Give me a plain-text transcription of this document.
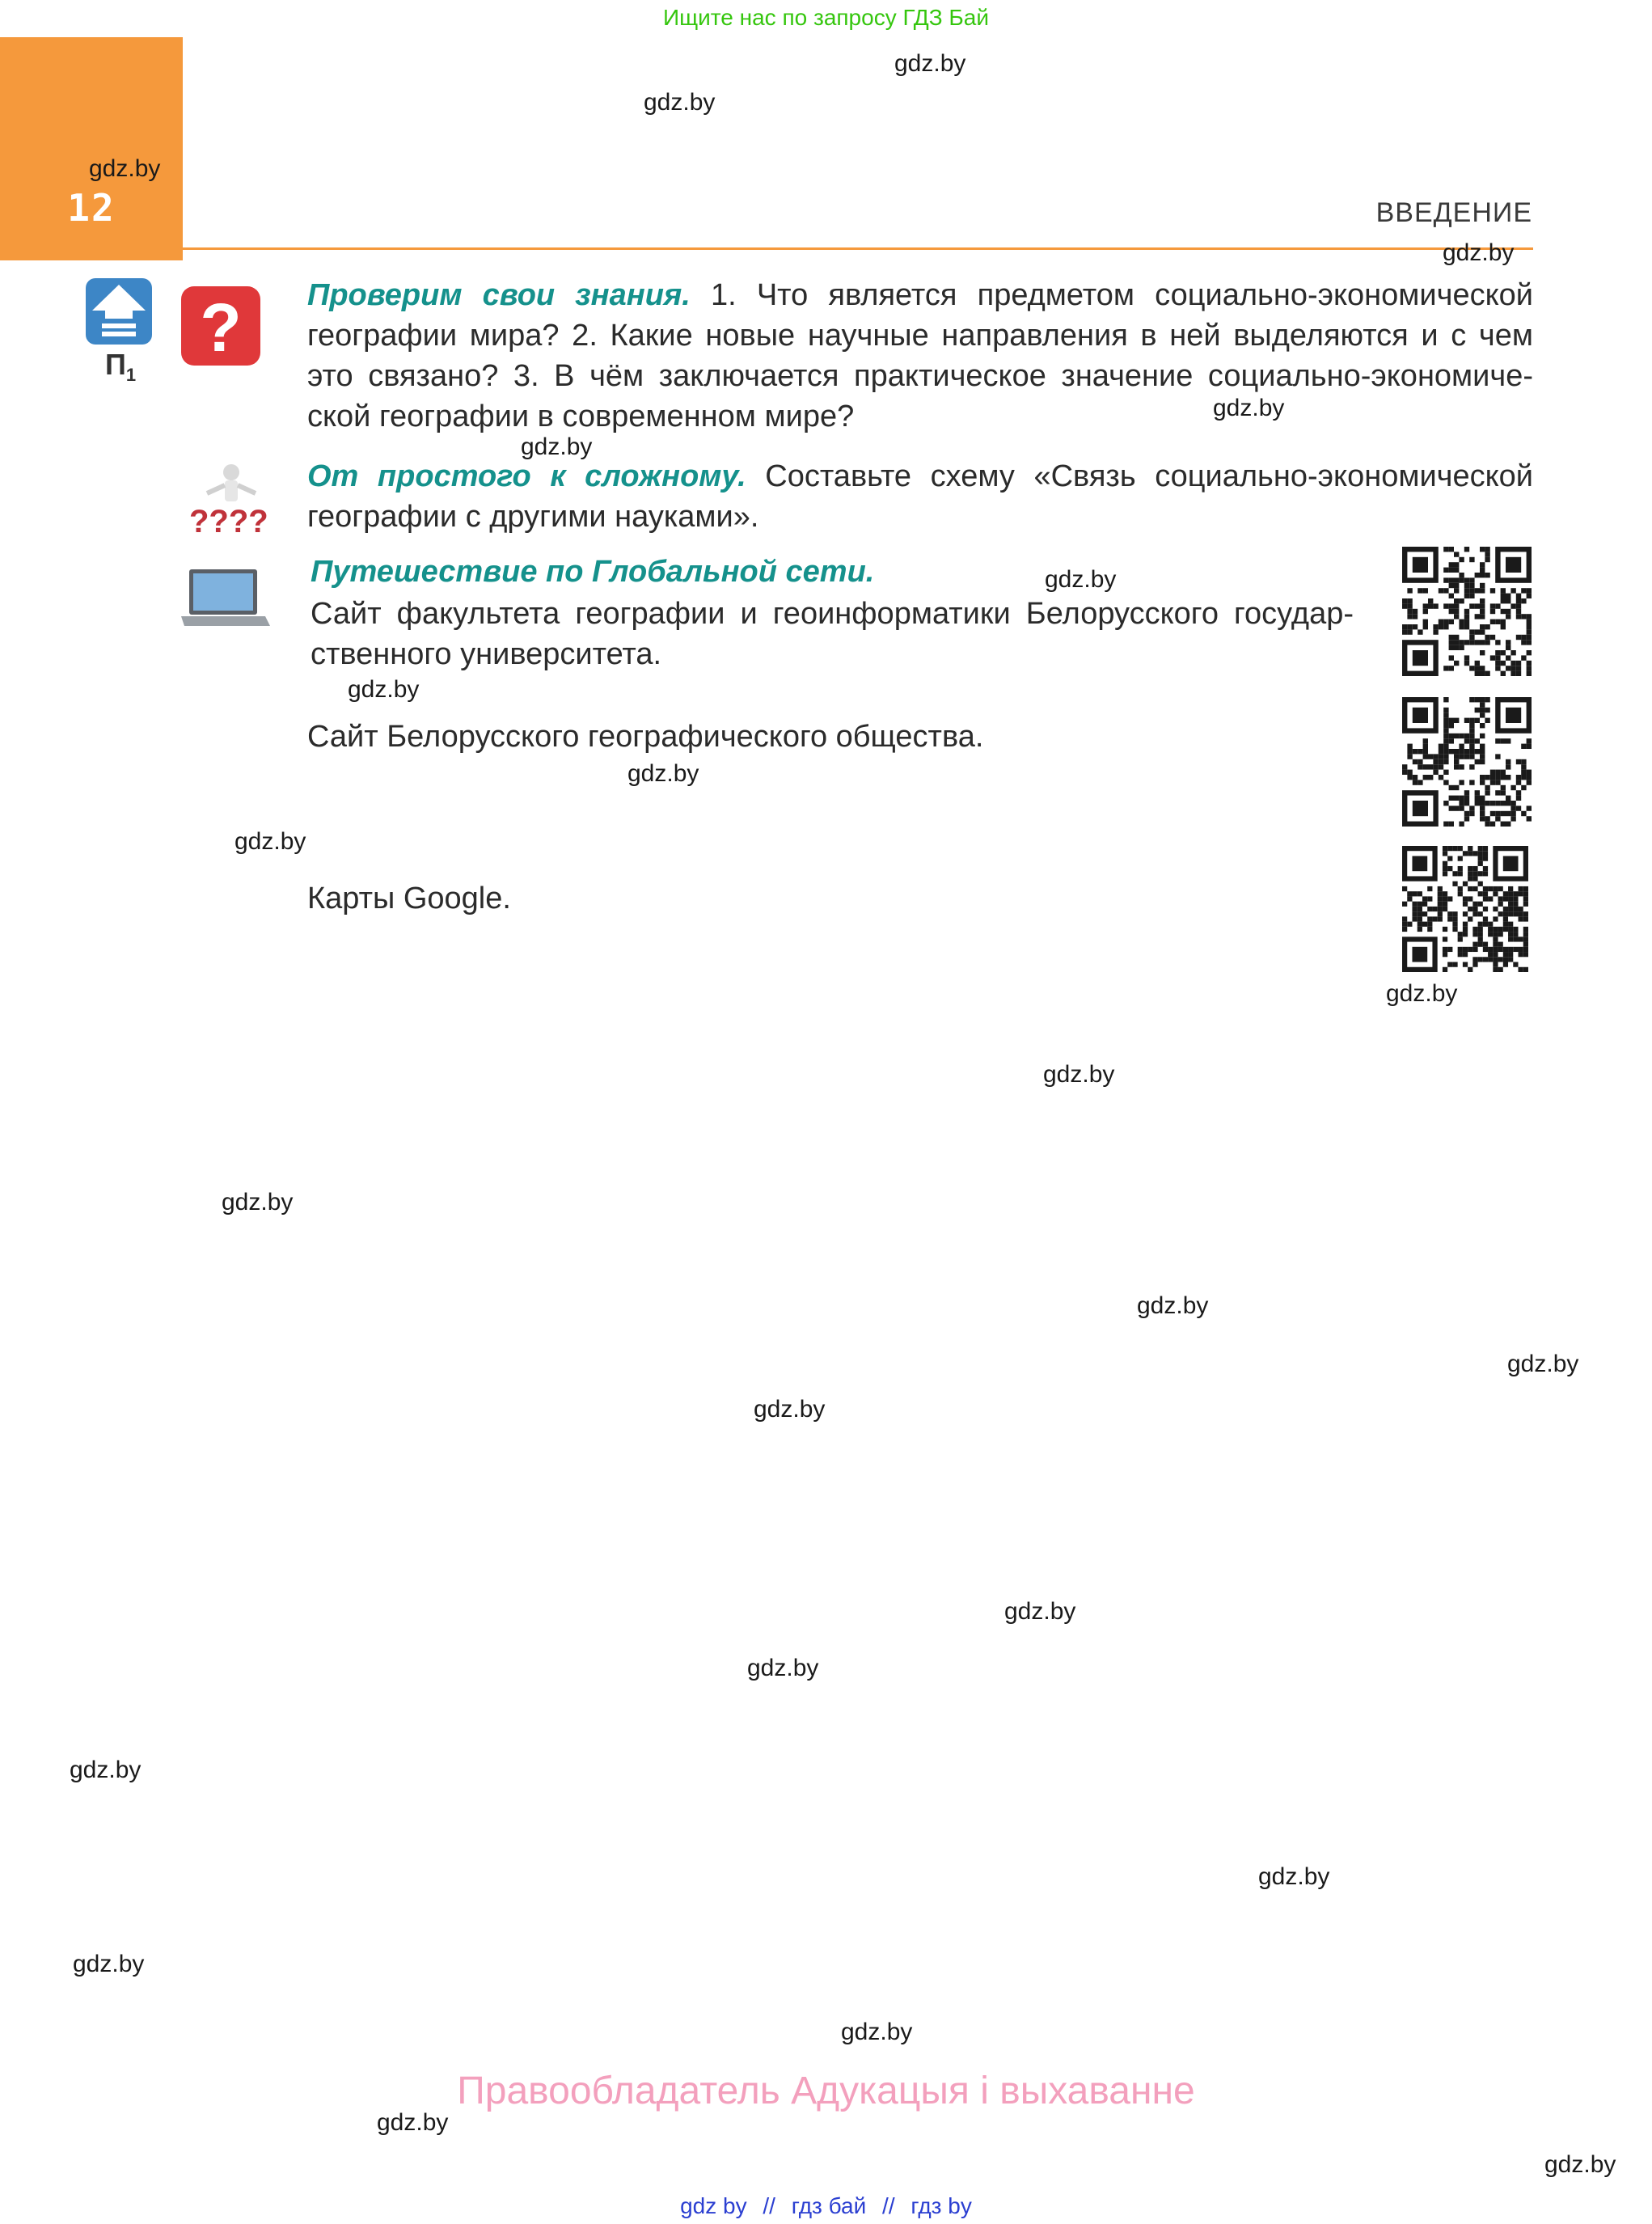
Ищите нас по запросу ГДЗ Бай
12	ВВЕДЕНИЕ
$П_1$
? Проверим свои знания. 1. Что является предметом социально-экономической
географии мира? 2. Какие новые научные направления в ней выделяются и с чем
это связано? 3. В чём заключается практическое значение социально-экономиче-
ской географии в современном мире?
????
От простого к сложному. Составьте схему «Связь социально-экономической
географии с другими науками».
Путешествие по Глобальной сети.
Сайт факультета географии и геоинформатики Белорусского государ-
ственного университета.
Сайт Белорусского географического общества.
Карты Google.
gdz.by
gdz.by
gdz.by
gdz.by
gdz.by
gdz.by
gdz.by
gdz.by
gdz.by
gdz.by
gdz.by
gdz.by
gdz.by
gdz.by
gdz.by
gdz.by
gdz.by
gdz.by
gdz.by
gdz.by
gdz.by
gdz.by
gdz.by
gdz.by
Правообладатель Адукацыя і выхаванне
gdz by // гдз бай // гдз by
